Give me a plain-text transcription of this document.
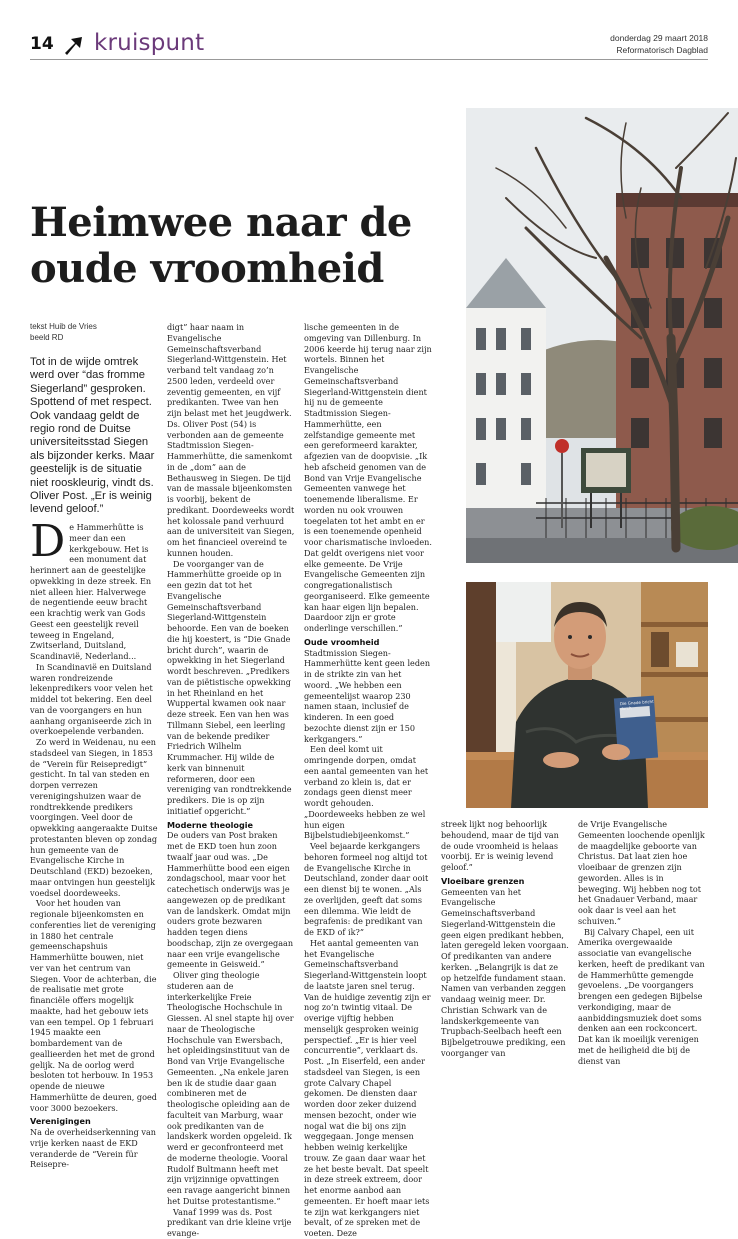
14 kruispunt	donderdag 29 maart 2018
Reformatorisch Dagblad
Heimwee naar de oude vroomheid
tekst Huib de Vries
beeld RD

Tot in de wijde omtrek werd over “das fromme Siegerland” gesproken. Spottend of met respect. Ook vandaag geldt de regio rond de Duitse universiteitsstad Siegen als bijzonder kerks. Maar geestelijk is de situatie niet rooskleurig, vindt ds. Oliver Post. „Er is weinig levend geloof.”

D e Hammerhütte is meer dan een kerkgebouw. Het is een monument dat herinnert aan de geestelijke opwekking in deze streek. En niet alleen hier. Halverwege de negentiende eeuw bracht een krachtig werk van Gods Geest een geestelijk reveil teweeg in Engeland, Zwitserland, Duitsland, Scandinavië, Nederland...

In Scandinavië en Duitsland waren rondreizende lekenpredikers voor velen het middel tot bekering. Een deel van de voorgangers en hun aanhang organiseerde zich in overkoepelende verbanden.

Zo werd in Weidenau, nu een stadsdeel van Siegen, in 1853 de “Verein für Reisepredigt” gesticht. In tal van steden en dorpen verrezen verenigingshuizen waar de rondtrekkende predikers voorgingen. Veel door de opwekking aangeraakte Duitse protestanten bleven op zondag hun gemeente van de Evangelische Kirche in Deutschland (EKD) bezoeken, maar ontvingen hun geestelijk voedsel doordeweeks.

Voor het houden van regionale bijeenkomsten en conferenties liet de vereniging in 1880 het centrale gemeenschapshuis Hammerhütte bouwen, niet ver van het centrum van Siegen. Voor de achterban, die de realisatie met grote financiële offers mogelijk maakte, had het gebouw iets van een tempel. Op 1 februari 1945 maakte een bombardement van de geallieerden het met de grond gelijk. Na de oorlog werd besloten tot herbouw. In 1953 opende de nieuwe Hammerhütte de deuren, goed voor 3000 bezoekers.

Verenigingen

Na de overheidserkenning van vrije kerken naast de EKD veranderde de “Verein für Reisepre-

digt” haar naam in Evangelische Gemeinschaftsverband Siegerland-Wittgenstein. Het verband telt vandaag zo’n 2500 leden, verdeeld over zeventig gemeenten, en vijf predikanten. Twee van hen zijn belast met het jeugdwerk. Ds. Oliver Post (54) is verbonden aan de gemeente Stadtmission Siegen-Hammerhütte, die samenkomt in de „dom” aan de Bethausweg in Siegen. De tijd van de massale bijeenkomsten is voorbij, bekent de predikant. Doordeweeks wordt het kolossale pand verhuurd aan de universiteit van Siegen, om het financieel overeind te kunnen houden.

De voorganger van de Hammerhütte groeide op in een gezin dat tot het Evangelische Gemeinschaftsverband Siegerland-Wittgenstein behoorde. Een van de boeken die hij koestert, is “Die Gnade bricht durch”, waarin de opwekking in het Siegerland wordt beschreven. „Predikers van de piëtistische opwekking in het Rheinland en het Wuppertal kwamen ook naar deze streek. Een van hen was Tillmann Siebel, een leerling van de bekende prediker Friedrich Wilhelm Krummacher. Hij wilde de kerk van binnenuit reformeren, door een vereniging van rondtrekkende predikers. Die is op zijn initiatief opgericht.”

Moderne theologie

De ouders van Post braken met de EKD toen hun zoon twaalf jaar oud was. „De Hammerhütte bood een eigen zondagschool, maar voor het catechetisch onderwijs was je aangewezen op de predikant van de landskerk. Omdat mijn ouders grote bezwaren hadden tegen diens boodschap, zijn ze overgegaan naar een vrije evangelische gemeente in Geisweid.”

Oliver ging theologie studeren aan de interkerkelijke Freie Theologische Hochschule in Giessen. Al snel stapte hij over naar de Theologische Hochschule van Ewersbach, het opleidingsinstituut van de Bond van Vrije Evangelische Gemeenten. „Na enkele jaren ben ik de studie daar gaan combineren met de theologische opleiding aan de faculteit van Marburg, waar ook predikanten van de landskerk worden opgeleid. Ik werd er geconfronteerd met de moderne theologie. Vooral Rudolf Bultmann heeft met zijn vrijzinnige opvattingen een ravage aangericht binnen het Duitse protestantisme.”

Vanaf 1999 was ds. Post predikant van drie kleine vrije evange-

lische gemeenten in de omgeving van Dillenburg. In 2006 keerde hij terug naar zijn wortels. Binnen het Evangelische Gemeinschaftsverband Siegerland-Wittgenstein dient hij nu de gemeente Stadtmission Siegen-Hammerhütte, een zelfstandige gemeente met een gereformeerd karakter, afgezien van de doopvisie. „Ik heb afscheid genomen van de Bond van Vrije Evangelische Gemeenten vanwege het toenemende liberalisme. Er worden nu ook vrouwen toegelaten tot het ambt en er is een toenemende openheid voor charismatische invloeden. Dat geldt overigens niet voor elke gemeente. De Vrije Evangelische Gemeenten zijn congregationalistisch georganiseerd. Elke gemeente kan haar eigen lijn bepalen. Daardoor zijn er grote onderlinge verschillen.”

Oude vroomheid

Stadtmission Siegen-Hammerhütte kent geen leden in de strikte zin van het woord. „We hebben een gemeentelijst waarop 230 namen staan, inclusief de kinderen. In een goed bezochte dienst zijn er 150 kerkgangers.”

Een deel komt uit omringende dorpen, omdat een aantal gemeenten van het verband zo klein is, dat er zondags geen dienst meer wordt gehouden. „Doordeweeks hebben ze wel hun eigen Bijbelstudiebijeenkomst.”

Veel bejaarde kerkgangers behoren formeel nog altijd tot de Evangelische Kirche in Deutschland, zonder daar ooit een dienst bij te wonen. „Als ze overlijden, geeft dat soms een dilemma. Wie leidt de begrafenis: de predikant van de EKD of ik?”

Het aantal gemeenten van het Evangelische Gemeinschaftsverband Siegerland-Wittgenstein loopt de laatste jaren snel terug. Van de huidige zeventig zijn er nog zo’n twintig vitaal. De overige vijftig hebben menselijk gesproken weinig perspectief. „Er is hier veel concurrentie”, verklaart ds. Post. „In Eiserfeld, een ander stadsdeel van Siegen, is een grote Calvary Chapel gekomen. De diensten daar worden door zeker duizend mensen bezocht, onder wie nogal wat die bij ons zijn weggegaan. Jonge mensen hebben weinig kerkelijke trouw. Ze gaan daar waar het ze het beste bevalt. Dat speelt in deze streek extreem, door het enorme aanbod aan gemeenten. Er hoeft maar iets te zijn wat kerkgangers niet bevalt, of ze spreken met de voeten. Deze

streek lijkt nog behoorlijk behoudend, maar de tijd van de oude vroomheid is helaas voorbij. Er is weinig levend geloof.”

Vloeibare grenzen

Gemeenten van het Evangelische Gemeinschaftsverband Siegerland-Wittgenstein die geen eigen predikant hebben, laten geregeld leken voorgaan. Of predikanten van andere kerken. „Belangrijk is dat ze op hetzelfde fundament staan. Namen van verbanden zeggen vandaag weinig meer. Dr. Christian Schwark van de landskerkgemeente van Trupbach-Seelbach heeft een Bijbelgetrouwe prediking, een voorganger van

de Vrije Evangelische Gemeenten loochende openlijk de maagdelijke geboorte van Christus. Dat laat zien hoe vloeibaar de grenzen zijn geworden. Alles is in beweging. Wij hebben nog tot het Gnadauer Verband, maar ook daar is veel aan het schuiven.”

Bij Calvary Chapel, een uit Amerika overgewaaide associatie van evangelische kerken, heeft de predikant van de Hammerhütte gemengde gevoelens. „De voorgangers brengen een gedegen Bijbelse verkondiging, maar de aanbiddingsmuziek doet soms denken aan een rockconcert. Dat kan ik moeilijk verenigen met de heiligheid die bij de dienst van

Die Gnade bricht durch
